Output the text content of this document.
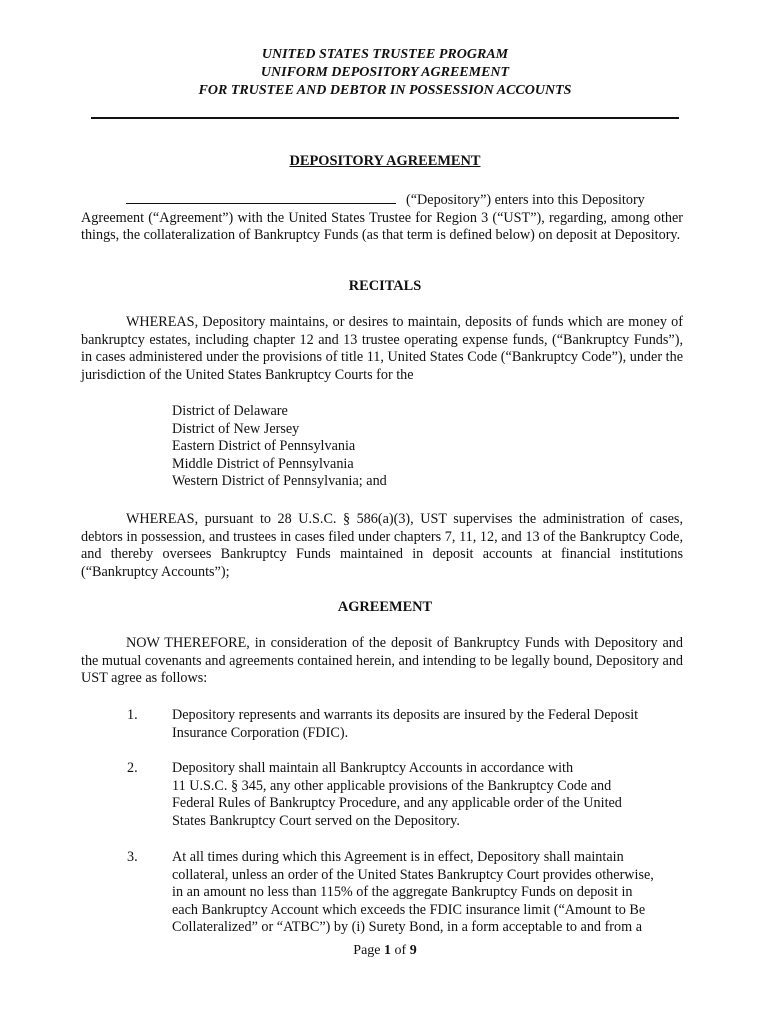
UNITED STATES TRUSTEE PROGRAM
UNIFORM DEPOSITORY AGREEMENT
FOR TRUSTEE AND DEBTOR IN POSSESSION ACCOUNTS
DEPOSITORY AGREEMENT
(“Depository”) enters into this Depository
Agreement (“Agreement”) with the United States Trustee for Region 3 (“UST”), regarding, among other things, the collateralization of Bankruptcy Funds (as that term is defined below) on deposit at Depository.
RECITALS
WHEREAS, Depository maintains, or desires to maintain, deposits of funds which are money of bankruptcy estates, including chapter 12 and 13 trustee operating expense funds, (“Bankruptcy Funds”), in cases administered under the provisions of title 11, United States Code (“Bankruptcy Code”), under the jurisdiction of the United States Bankruptcy Courts for the
District of Delaware
District of New Jersey
Eastern District of Pennsylvania
Middle District of Pennsylvania
Western District of Pennsylvania; and
WHEREAS, pursuant to 28 U.S.C. § 586(a)(3), UST supervises the administration of cases, debtors in possession, and trustees in cases filed under chapters 7, 11, 12, and 13 of the Bankruptcy Code, and thereby oversees Bankruptcy Funds maintained in deposit accounts at financial institutions (“Bankruptcy Accounts”);
AGREEMENT
NOW THEREFORE, in consideration of the deposit of Bankruptcy Funds with Depository and the mutual covenants and agreements contained herein, and intending to be legally bound, Depository and UST agree as follows:
1. Depository represents and warrants its deposits are insured by the Federal Deposit
Insurance Corporation (FDIC).
2. Depository shall maintain all Bankruptcy Accounts in accordance with
11 U.S.C. § 345, any other applicable provisions of the Bankruptcy Code and
Federal Rules of Bankruptcy Procedure, and any applicable order of the United
States Bankruptcy Court served on the Depository.
3. At all times during which this Agreement is in effect, Depository shall maintain
collateral, unless an order of the United States Bankruptcy Court provides otherwise,
in an amount no less than 115% of the aggregate Bankruptcy Funds on deposit in
each Bankruptcy Account which exceeds the FDIC insurance limit (“Amount to Be
Collateralized” or “ATBC”) by (i) Surety Bond, in a form acceptable to and from a
Page 1 of 9
